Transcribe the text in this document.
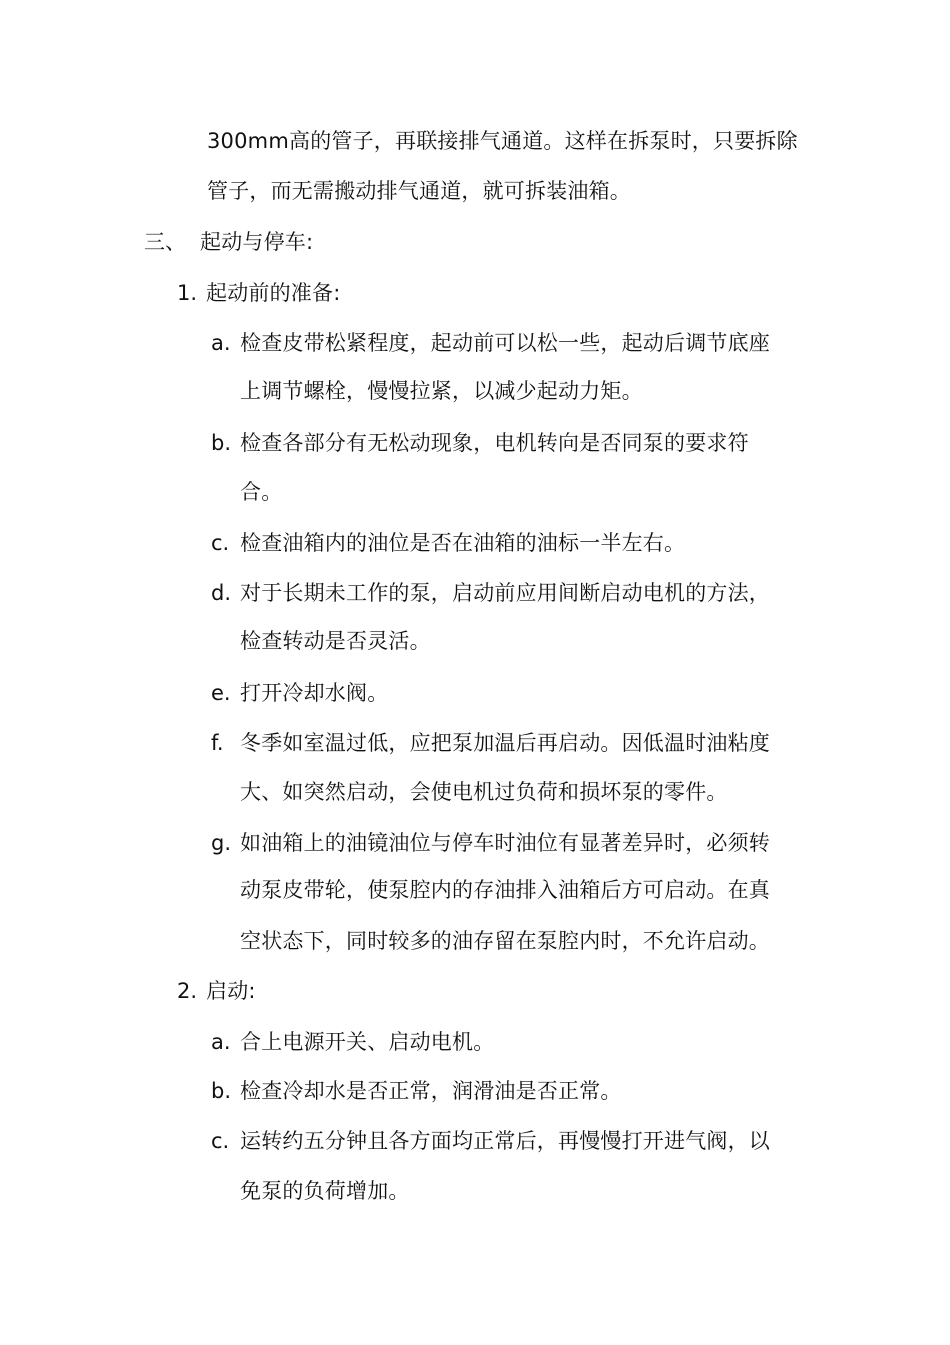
300mm高的管子，再联接排气通道。这样在拆泵时，只要拆除
管子，而无需搬动排气通道，就可拆装油箱。
三、 起动与停车:
1. 起动前的准备:
a. 检查皮带松紧程度，起动前可以松一些，起动后调节底座
上调节螺栓，慢慢拉紧，以减少起动力矩。
b. 检查各部分有无松动现象，电机转向是否同泵的要求符
合。
c. 检查油箱内的油位是否在油箱的油标一半左右。
d. 对于长期未工作的泵，启动前应用间断启动电机的方法，
检查转动是否灵活。
e. 打开冷却水阀。
f. 冬季如室温过低，应把泵加温后再启动。因低温时油粘度
大、如突然启动，会使电机过负荷和损坏泵的零件。
g. 如油箱上的油镜油位与停车时油位有显著差异时，必须转
动泵皮带轮，使泵腔内的存油排入油箱后方可启动。在真
空状态下，同时较多的油存留在泵腔内时，不允许启动。
2. 启动:
a. 合上电源开关、启动电机。
b. 检查冷却水是否正常，润滑油是否正常。
c. 运转约五分钟且各方面均正常后，再慢慢打开进气阀，以
免泵的负荷增加。
